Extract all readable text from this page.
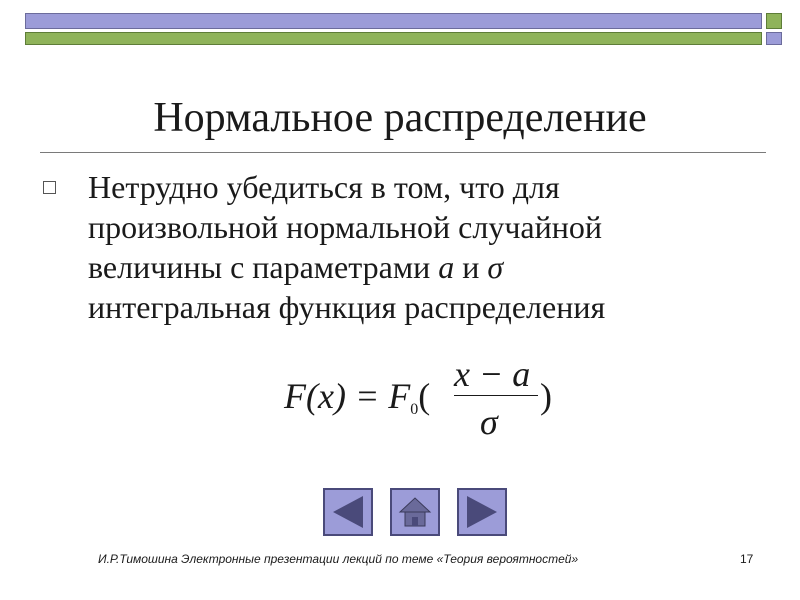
Нормальное распределение
Нетрудно убедиться в том, что для
произвольной нормальной случайной
величины с параметрами a и σ
интегральная функция распределения
$F(x) = F_0$(
x − a
σ
)
И.Р.Тимошина Электронные презентации лекций по теме «Теория вероятностей»	17
